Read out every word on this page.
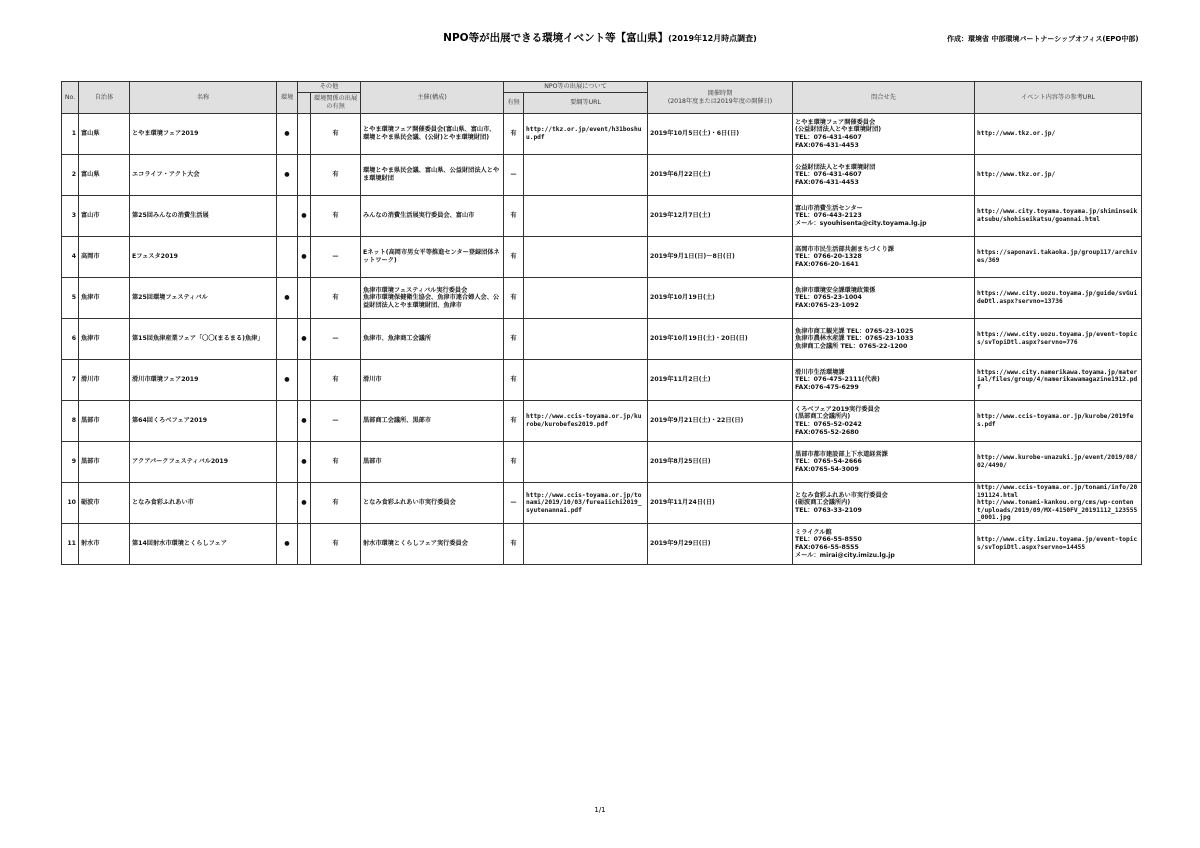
NPO等が出展できる環境イベント等【富山県】(2019年12月時点調査)	作成：環境省 中部環境パートナーシップオフィス(EPO中部)
No.	自治体	名称	環境	その他		主催(構成)	NPO等の出展について		開催時期
(2018年度または2019年度の開催日)	問合せ先	イベント内容等の参考URL
					環境関係の出展の有無		有無	要綱等URL			
1	富山県	とやま環境フェア2019	●		有	とやま環境フェア開催委員会(富山県、富山市、環境とやま県民会議、(公財)とやま環境財団)	有	http://tkz.or.jp/event/h31boshuu.pdf	2019年10月5日(土)・6日(日)	とやま環境フェア開催委員会
(公益財団法人とやま環境財団)
TEL：076-431-4607
FAX:076-431-4453	http://www.tkz.or.jp/
2	富山県	エコライフ・アクト大会	●		有	環境とやま県民会議、富山県、公益財団法人とやま環境財団	—		2019年6月22日(土)	公益財団法人とやま環境財団
TEL：076-431-4607
FAX:076-431-4453	http://www.tkz.or.jp/
3	富山市	第25回みんなの消費生活展		●	有	みんなの消費生活展実行委員会、富山市	有		2019年12月7日(土)	富山市消費生活センター
TEL：076-443-2123
メール：syouhisenta@city.toyama.lg.jp	http://www.city.toyama.toyama.jp/shiminseikatsubu/shohiseikatsu/goannai.html
4	高岡市	Eフェスタ2019		●	—	Eネット(高岡市男女平等推進センター登録団体ネットワーク)	有		2019年9月1日(日)～8日(日)	高岡市市民生活部共創まちづくり課
TEL：0766-20-1328
FAX:0766-20-1641	https://saponavi.takaoka.jp/group117/archives/369
5	魚津市	第25回環境フェスティバル	●		有	魚津市環境フェスティバル実行委員会
魚津市環境保健衛生協会、魚津市連合婦人会、公益財団法人とやま環境財団、魚津市	有		2019年10月19日(土)	魚津市環境安全課環境政策係
TEL：0765-23-1004
FAX:0765-23-1092	https://www.city.uozu.toyama.jp/guide/svGuideDtl.aspx?servno=13736
6	魚津市	第15回魚津産業フェア「〇〇(まるまる)魚津」		●	—	魚津市、魚津商工会議所	有		2019年10月19日(土)・20日(日)	魚津市商工観光課 TEL：0765-23-1025
魚津市農林水産課 TEL：0765-23-1033
魚津商工会議所 TEL：0765-22-1200	https://www.city.uozu.toyama.jp/event-topics/svTopiDtl.aspx?servno=776
7	滑川市	滑川市環境フェア2019	●		有	滑川市	有		2019年11月2日(土)	滑川市生活環境課
TEL：076-475-2111(代表)
FAX:076-475-6299	https://www.city.namerikawa.toyama.jp/material/files/group/4/namerikawamagazine1912.pdf
8	黒部市	第64回くろべフェア2019		●	—	黒部商工会議所、黒部市	有	http://www.ccis-toyama.or.jp/kurobe/kurobefes2019.pdf	2019年9月21日(土)・22日(日)	くろべフェア2019実行委員会
(黒部商工会議所内)
TEL：0765-52-0242
FAX:0765-52-2680	http://www.ccis-toyama.or.jp/kurobe/2019fes.pdf
9	黒部市	アクアパークフェスティバル2019		●	有	黒部市	有		2019年8月25日(日)	黒部市都市建設部上下水道経営課
TEL：0765-54-2666
FAX:0765-54-3009	http://www.kurobe-unazuki.jp/event/2019/08/02/4490/
10	砺波市	となみ食彩ふれあい市		●	有	となみ食彩ふれあい市実行委員会	—	http://www.ccis-toyama.or.jp/tonami/2019/10/03/fureaiichi2019_syutenannai.pdf	2019年11月24日(日)	となみ食彩ふれあい市実行委員会
(砺波商工会議所内)
TEL：0763-33-2109	http://www.ccis-toyama.or.jp/tonami/info/20191124.html
http://www.tonami-kankou.org/cms/wp-content/uploads/2019/09/MX-4150FV_20191112_123555_0001.jpg
11	射水市	第14回射水市環境とくらしフェア	●		有	射水市環境とくらしフェア実行委員会	有		2019年9月29日(日)	ミライクル館
TEL：0766-55-8550
FAX:0766-55-8555
メール：mirai@city.imizu.lg.jp	http://www.city.imizu.toyama.jp/event-topics/svTopiDtl.aspx?servno=14455
1/1
